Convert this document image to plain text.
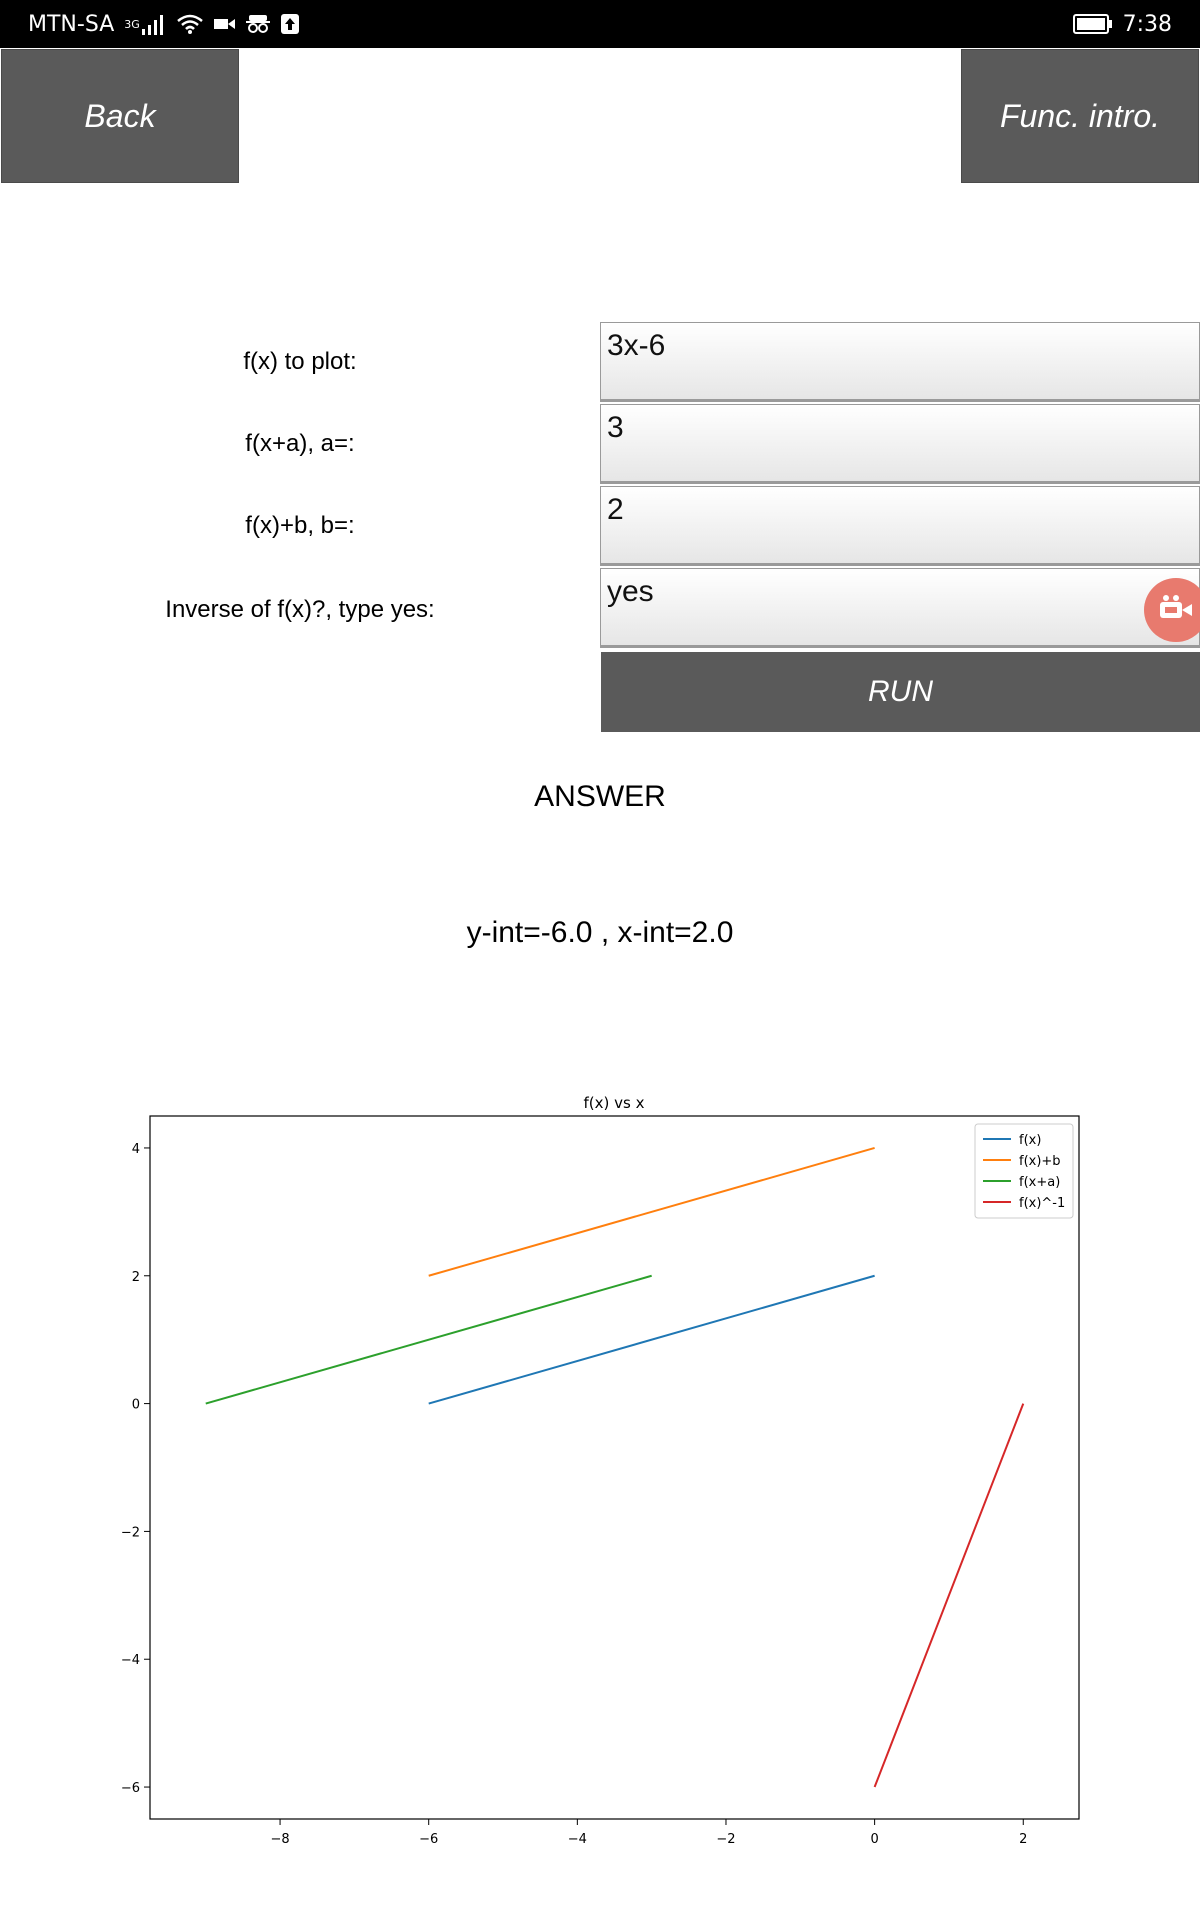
MTN-SA 3G	7:38
Back	Func. intro.
f(x) to plot:
3x-6
f(x+a), a=:
3
f(x)+b, b=:
2
Inverse of f(x)?, type yes:
yes
RUN
ANSWER
y-int=-6.0 , x-int=2.0
f(x) vs x
−8	−6	−4	−2	0	2
−6
−4
−2
0
2
4
f(x)
f(x)+b
f(x+a)
f(x)^-1
